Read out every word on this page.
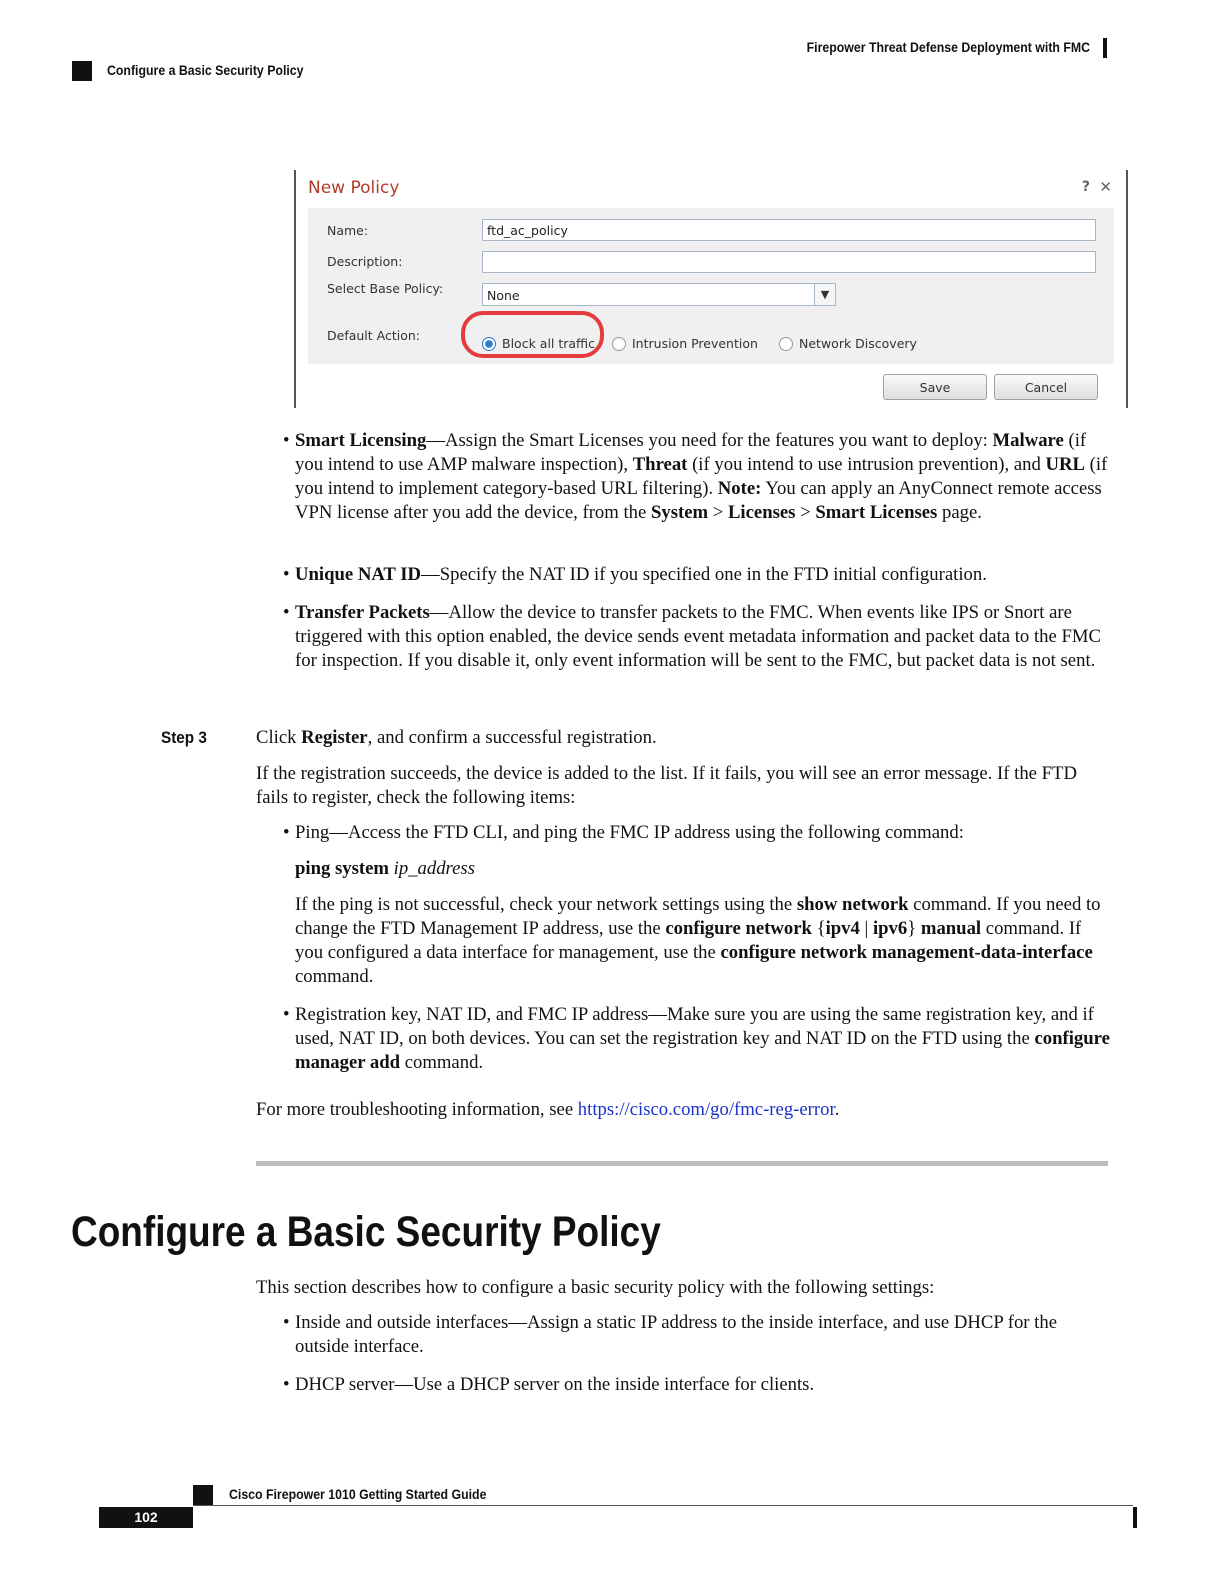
Firepower Threat Defense Deployment with FMC
Configure a Basic Security Policy
New Policy	? ✕
Name:	ftd_ac_policy
Description:
Select Base Policy:	None	▼
Default Action:
Block all traffic	Intrusion Prevention	Network Discovery
Save	Cancel
• Smart Licensing—Assign the Smart Licenses you need for the features you want to deploy: Malware (if you intend to use AMP malware inspection), Threat (if you intend to use intrusion prevention), and URL (if you intend to implement category-based URL filtering). Note: You can apply an AnyConnect remote access VPN license after you add the device, from the System > Licenses > Smart Licenses page.
• Unique NAT ID—Specify the NAT ID if you specified one in the FTD initial configuration.
• Transfer Packets—Allow the device to transfer packets to the FMC. When events like IPS or Snort are triggered with this option enabled, the device sends event metadata information and packet data to the FMC for inspection. If you disable it, only event information will be sent to the FMC, but packet data is not sent.
Step 3	Click Register, and confirm a successful registration.
If the registration succeeds, the device is added to the list. If it fails, you will see an error message. If the FTD fails to register, check the following items:
• Ping—Access the FTD CLI, and ping the FMC IP address using the following command:
ping system ip_address
If the ping is not successful, check your network settings using the show network command. If you need to change the FTD Management IP address, use the configure network {ipv4 | ipv6} manual command. If you configured a data interface for management, use the configure network management-data-interface command.
• Registration key, NAT ID, and FMC IP address—Make sure you are using the same registration key, and if used, NAT ID, on both devices. You can set the registration key and NAT ID on the FTD using the configure manager add command.
For more troubleshooting information, see https://cisco.com/go/fmc-reg-error.
Configure a Basic Security Policy
This section describes how to configure a basic security policy with the following settings:
• Inside and outside interfaces—Assign a static IP address to the inside interface, and use DHCP for the outside interface.
• DHCP server—Use a DHCP server on the inside interface for clients.
Cisco Firepower 1010 Getting Started Guide
102
